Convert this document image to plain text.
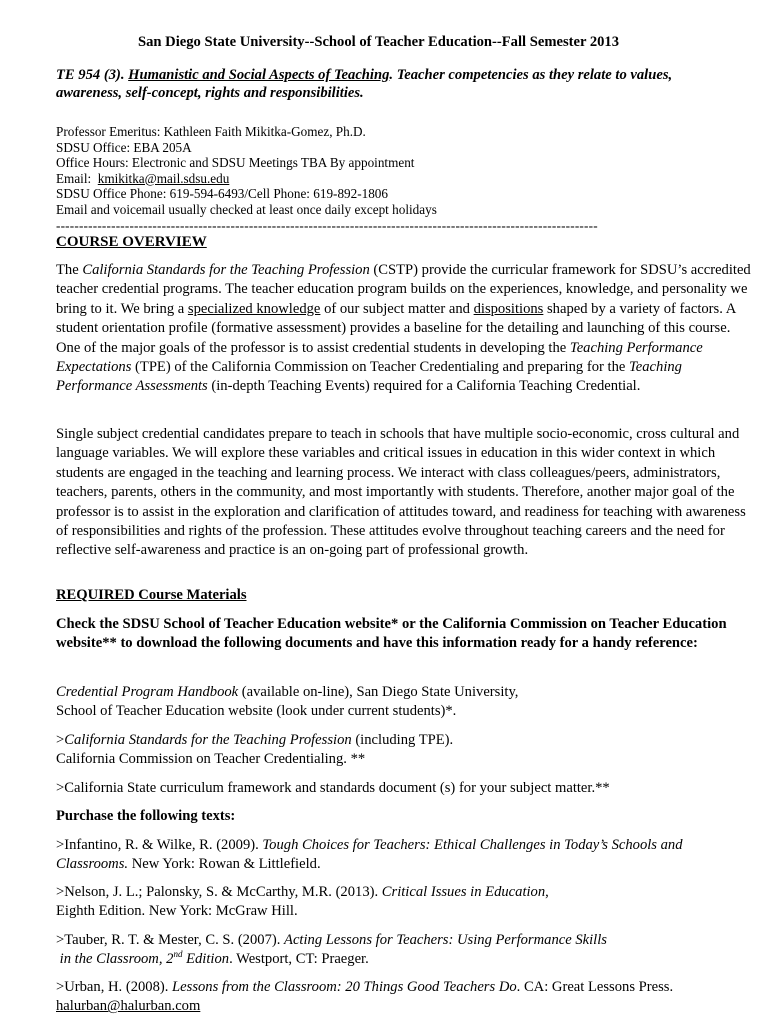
San Diego State University--School of Teacher Education--Fall Semester 2013
TE 954 (3). Humanistic and Social Aspects of Teaching. Teacher competencies as they relate to values, awareness, self-concept, rights and responsibilities.
Professor Emeritus: Kathleen Faith Mikitka-Gomez, Ph.D.
SDSU Office: EBA 205A
Office Hours: Electronic and SDSU Meetings TBA By appointment
Email:  kmikitka@mail.sdsu.edu
SDSU Office Phone: 619-594-6493/Cell Phone: 619-892-1806
Email and voicemail usually checked at least once daily except holidays
----------------------------------------------------------------------------------------------------------------------
COURSE OVERVIEW
The California Standards for the Teaching Profession (CSTP) provide the curricular framework for SDSU’s accredited teacher credential programs. The teacher education program builds on the experiences, knowledge, and personality we bring to it. We bring a specialized knowledge of our subject matter and dispositions shaped by a variety of factors. A student orientation profile (formative assessment) provides a baseline for the detailing and launching of this course. One of the major goals of the professor is to assist credential students in developing the Teaching Performance Expectations (TPE) of the California Commission on Teacher Credentialing and preparing for the Teaching Performance Assessments (in-depth Teaching Events) required for a California Teaching Credential.
Single subject credential candidates prepare to teach in schools that have multiple socio-economic, cross cultural and language variables. We will explore these variables and critical issues in education in this wider context in which students are engaged in the teaching and learning process. We interact with class colleagues/peers, administrators, teachers, parents, others in the community, and most importantly with students. Therefore, another major goal of the professor is to assist in the exploration and clarification of attitudes toward, and readiness for teaching with awareness of responsibilities and rights of the profession. These attitudes evolve throughout teaching careers and the need for reflective self-awareness and practice is an on-going part of professional growth.
REQUIRED Course Materials
Check the SDSU School of Teacher Education website* or the California Commission on Teacher Education website** to download the following documents and have this information ready for a handy reference:
Credential Program Handbook (available on-line), San Diego State University,
School of Teacher Education website (look under current students)*.
>California Standards for the Teaching Profession (including TPE).
California Commission on Teacher Credentialing. **
>California State curriculum framework and standards document (s) for your subject matter.**
Purchase the following texts:
>Infantino, R. & Wilke, R. (2009). Tough Choices for Teachers: Ethical Challenges in Today’s Schools and Classrooms. New York: Rowan & Littlefield.
>Nelson, J. L.; Palonsky, S. & McCarthy, M.R. (2013). Critical Issues in Education,
Eighth Edition. New York: McGraw Hill.
>Tauber, R. T. & Mester, C. S. (2007). Acting Lessons for Teachers: Using Performance Skills
in the Classroom, 2nd Edition. Westport, CT: Praeger.
>Urban, H. (2008). Lessons from the Classroom: 20 Things Good Teachers Do. CA: Great Lessons Press.
halurban@halurban.com
